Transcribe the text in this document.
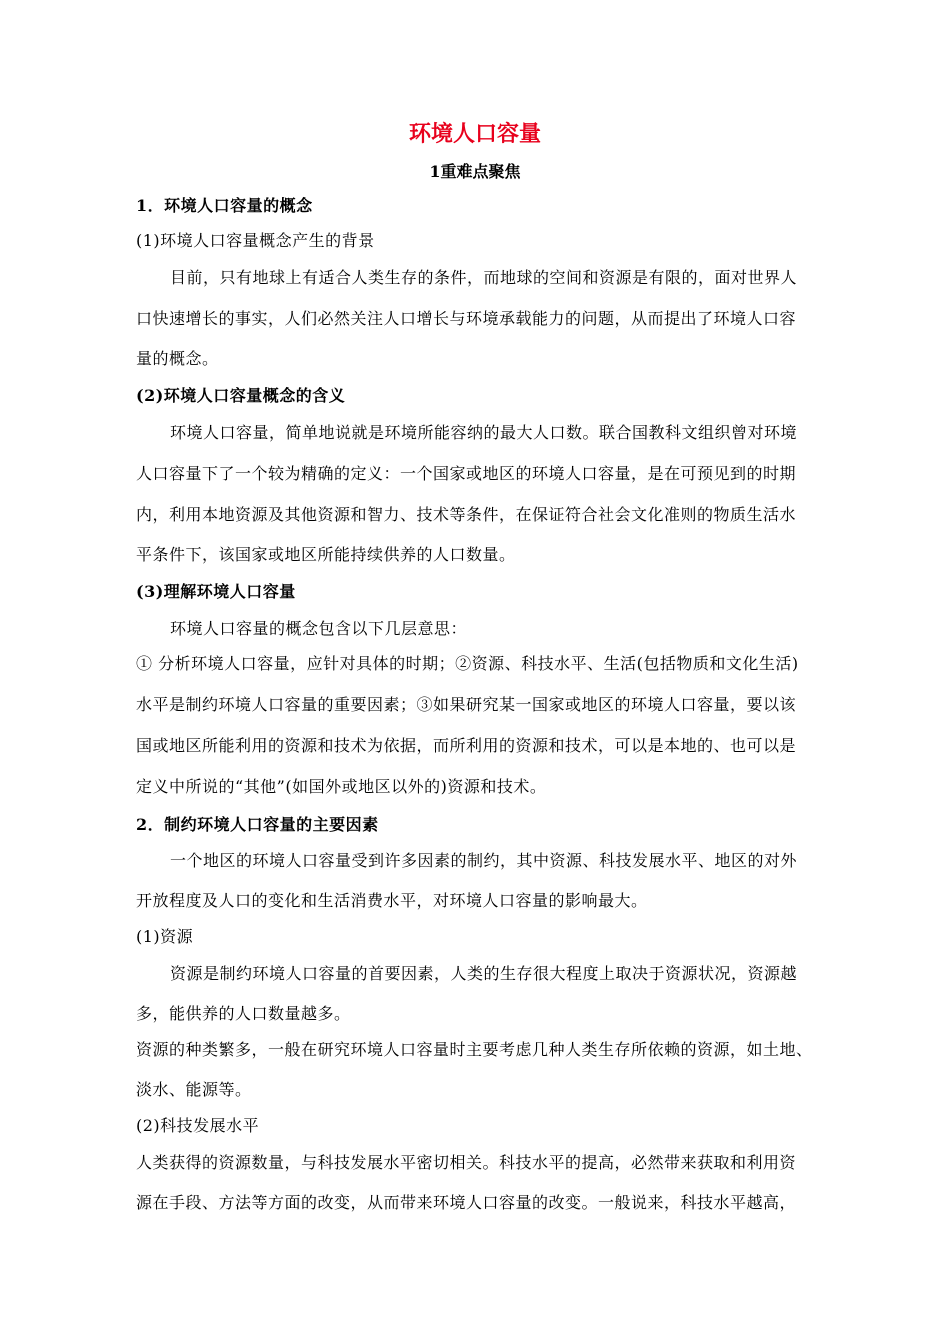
环境人口容量
1重难点聚焦
1．环境人口容量的概念
(1)环境人口容量概念产生的背景
目前，只有地球上有适合人类生存的条件，而地球的空间和资源是有限的，面对世界人
口快速增长的事实，人们必然关注人口增长与环境承载能力的问题，从而提出了环境人口容
量的概念。
(2)环境人口容量概念的含义
环境人口容量，简单地说就是环境所能容纳的最大人口数。联合国教科文组织曾对环境
人口容量下了一个较为精确的定义：一个国家或地区的环境人口容量，是在可预见到的时期
内，利用本地资源及其他资源和智力、技术等条件，在保证符合社会文化准则的物质生活水
平条件下，该国家或地区所能持续供养的人口数量。
(3)理解环境人口容量
环境人口容量的概念包含以下几层意思：
① 分析环境人口容量，应针对具体的时期；②资源、科技水平、生活(包括物质和文化生活)
水平是制约环境人口容量的重要因素；③如果研究某一国家或地区的环境人口容量，要以该
国或地区所能利用的资源和技术为依据，而所利用的资源和技术，可以是本地的、也可以是
定义中所说的“其他”(如国外或地区以外的)资源和技术。
2．制约环境人口容量的主要因素
一个地区的环境人口容量受到许多因素的制约，其中资源、科技发展水平、地区的对外
开放程度及人口的变化和生活消费水平，对环境人口容量的影响最大。
(1)资源
资源是制约环境人口容量的首要因素，人类的生存很大程度上取决于资源状况，资源越
多，能供养的人口数量越多。
资源的种类繁多，一般在研究环境人口容量时主要考虑几种人类生存所依赖的资源，如土地、
淡水、能源等。
(2)科技发展水平
人类获得的资源数量，与科技发展水平密切相关。科技水平的提高，必然带来获取和利用资
源在手段、方法等方面的改变，从而带来环境人口容量的改变。一般说来，科技水平越高，
